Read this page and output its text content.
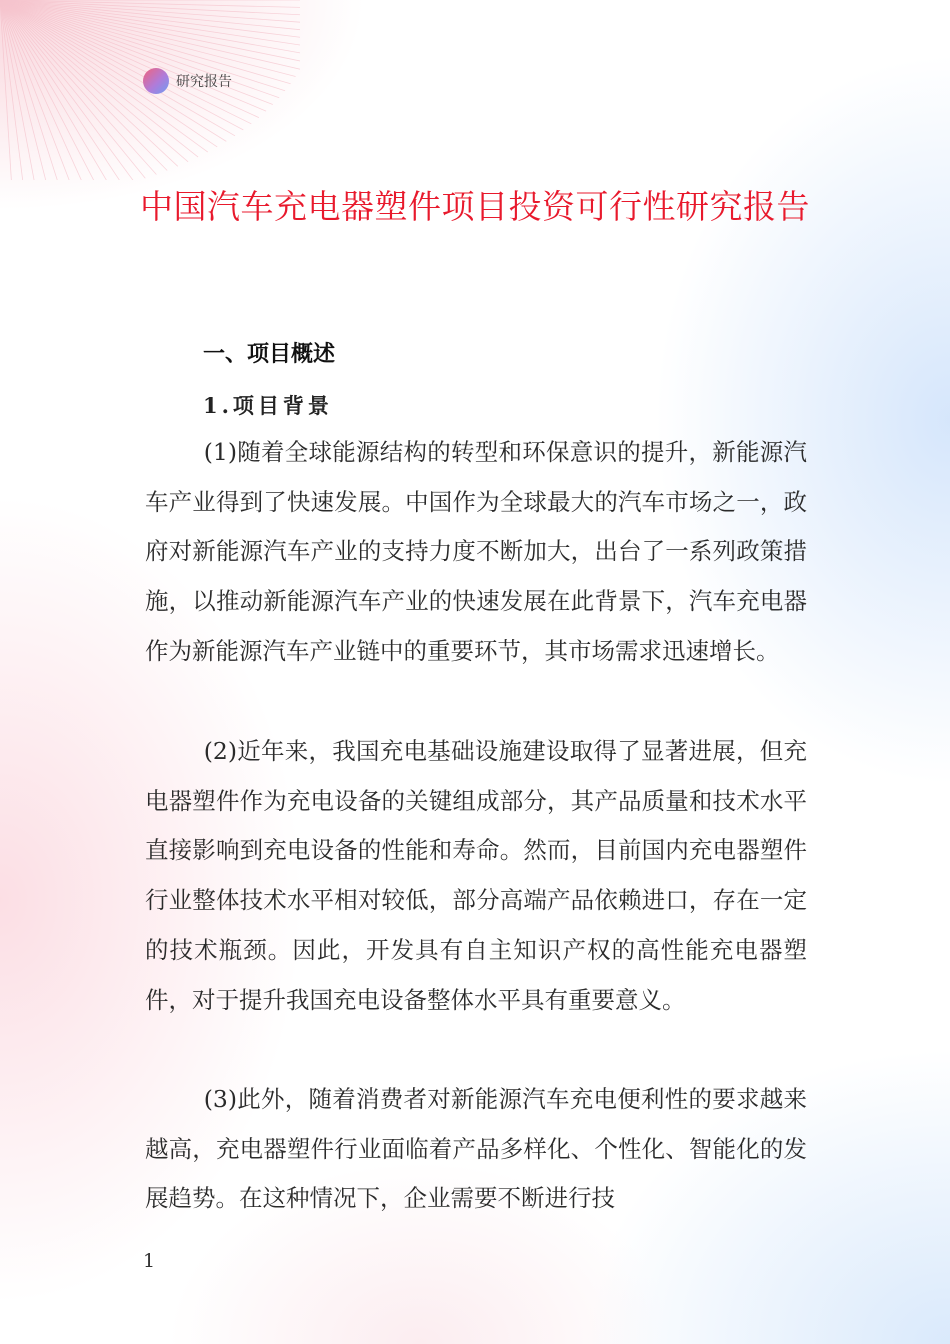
研究报告
中国汽车充电器塑件项目投资可行性研究报告
一、项目概述
1.项目背景

(1)随着全球能源结构的转型和环保意识的提升，新能源汽车产业得到了快速发展。中国作为全球最大的汽车市场之一，政府对新能源汽车产业的支持力度不断加大，出台了一系列政策措施，以推动新能源汽车产业的快速发展在此背景下，汽车充电器作为新能源汽车产业链中的重要环节，其市场需求迅速增长。

(2)近年来，我国充电基础设施建设取得了显著进展，但充电器塑件作为充电设备的关键组成部分，其产品质量和技术水平直接影响到充电设备的性能和寿命。然而，目前国内充电器塑件行业整体技术水平相对较低，部分高端产品依赖进口，存在一定的技术瓶颈。因此，开发具有自主知识产权的高性能充电器塑件，对于提升我国充电设备整体水平具有重要意义。

(3)此外，随着消费者对新能源汽车充电便利性的要求越来越高，充电器塑件行业面临着产品多样化、个性化、智能化的发展趋势。在这种情况下，企业需要不断进行技

1
